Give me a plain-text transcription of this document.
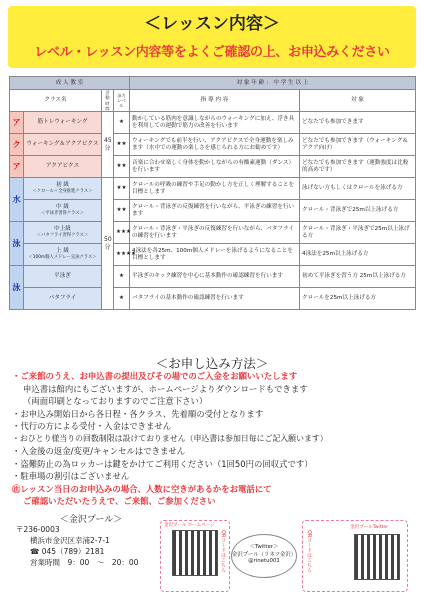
＜レッスン内容＞
レベル・レッスン内容等をよくご確認の上、お申込みください
成 人 教 室				対 象 年 齢 ： 中 学 生 以 上	
クラス名		活動時間	泳力レベル	指 導 内 容	対 象
ア	筋トレウォーキング	45分	★	動かしている筋肉を意識しながらのウォーキングに加え、浮き具を利用しての運動で筋力の改善を行います	どなたでも参加できます
ク	ウォーキング＆アクアビクス		★★	ウォーキングでも前半を行い、アクアビクスで全身運動を楽しみます（水中での運動の楽しさを感じられる方にお勧めです）	どなたでも参加できます（ウォーキング＆アクア向け）
ア	アクアビクス		★★	音楽に合わせ楽しく身体を動かしながらの有酸素運動（ダンス）を行います	どなたでも参加できます（運動強度は比較的高めです）
水	初 級
＜クロール＋全身推進クラス＞	50分	★★	クロールの呼吸の練習や手足の動かし方を正しく理解することを目標とします	泳げない方もしくはクロールを泳げる方

	中 級
＜平泳ぎ習得クラス＞		★★	クロール・背泳ぎの反復練習を行いながら、平泳ぎの練習を行います	クロール・背泳ぎで25m以上泳げる方
泳	中上級
＜バタフライ習得クラス＞		★★★	クロール・背泳ぎ・平泳ぎの反復練習を行いながら、バタフライの練習を行います	クロール・背泳ぎ・平泳ぎで25m以上泳げる方

	上 級
＜100m個人メドレー完泳クラス＞		★★★★	4泳法を各25m、100m個人メドレーを泳げるようになることを目標とします	4泳法を25m以上泳げる方
泳	平泳ぎ		★	平泳ぎのキック練習を中心に基本動作の確認練習を行います	初めて平泳ぎを習う方 25m以上泳げる方
	バタフライ		★	バタフライの基本動作の確認練習を行います	クロールを25m以上泳げる方
＜お申し込み方法＞
・ご来館のうえ、お申込書の提出及びその場でのご入金をお願いいたします
申込書は館内にもございますが、ホームページよりダウンロードもできます
（両面印刷となっておりますのでご注意下さい）
・お申込み開始日から各日程・各クラス、先着順の受付となります
・代行の方による受付・入金はできません
・おひとり様当りの回数制限は設けておりません（申込書は参加日毎にご記入願います）
・入金後の返金/変更/キャンセルはできません
・盗難防止の為ロッカーは鍵をかけてご利用ください（1回50円の回収式です）
・駐車場の割引はございません
㊟レッスン当日のお申込みの場合、人数に空きがあるかをお電話にて
ご確認いただいたうえで、ご来館、ご参加ください
＜金沢プール＞
〒236-0003
横浜市金沢区幸浦2-7-1
☎ 045（789）2181
営業時間　9：00　～　20：00
金沢プール ホームページ
QRコードはこちら	＜Twitter＞
金沢プール（リネツ金沢）
@rinetu001
金沢プールTwitter
QRコードはこちら
